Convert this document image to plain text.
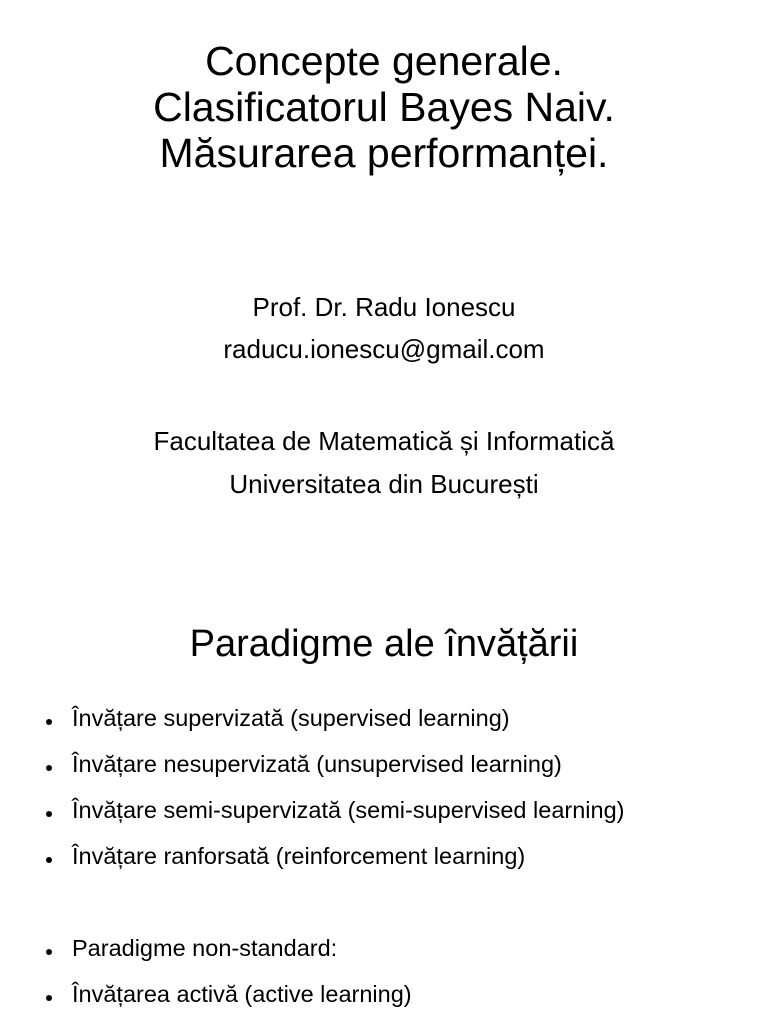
Concepte generale.
Clasificatorul Bayes Naiv.
Măsurarea performanței.
Prof. Dr. Radu Ionescu
raducu.ionescu@gmail.com
Facultatea de Matematică și Informatică
Universitatea din București
Paradigme ale învățării
Învățare supervizată (supervised learning)
Învățare nesupervizată (unsupervised learning)
Învățare semi-supervizată (semi-supervised learning)
Învățare ranforsată (reinforcement learning)
Paradigme non-standard:
Învățarea activă (active learning)
